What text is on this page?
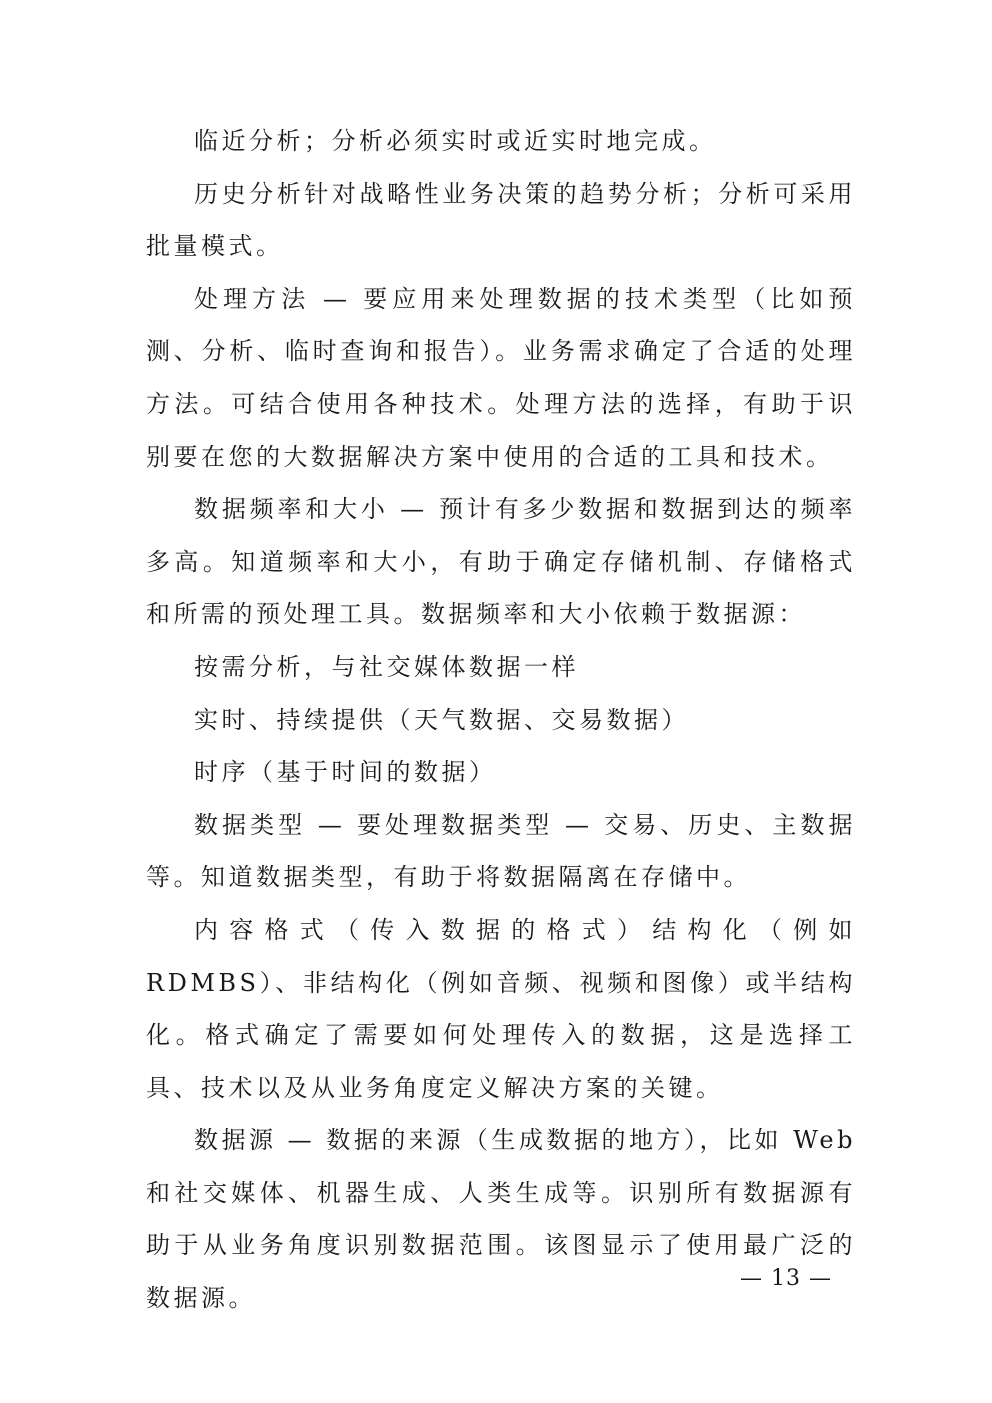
临近分析；分析必须实时或近实时地完成。

历史分析针对战略性业务决策的趋势分析；分析可采用批量模式。

处理方法 — 要应用来处理数据的技术类型（比如预测、分析、临时查询和报告）。业务需求确定了合适的处理方法。可结合使用各种技术。处理方法的选择，有助于识别要在您的大数据解决方案中使用的合适的工具和技术。

数据频率和大小 — 预计有多少数据和数据到达的频率多高。知道频率和大小，有助于确定存储机制、存储格式和所需的预处理工具。数据频率和大小依赖于数据源：

按需分析，与社交媒体数据一样

实时、持续提供（天气数据、交易数据）

时序（基于时间的数据）

数据类型 — 要处理数据类型 — 交易、历史、主数据等。知道数据类型，有助于将数据隔离在存储中。

内容格式（传入数据的格式）结构化（例如 RDMBS）、非结构化（例如音频、视频和图像）或半结构化。格式确定了需要如何处理传入的数据，这是选择工具、技术以及从业务角度定义解决方案的关键。

数据源 — 数据的来源（生成数据的地方），比如 Web 和社交媒体、机器生成、人类生成等。识别所有数据源有助于从业务角度识别数据范围。该图显示了使用最广泛的数据源。

— 13 —
